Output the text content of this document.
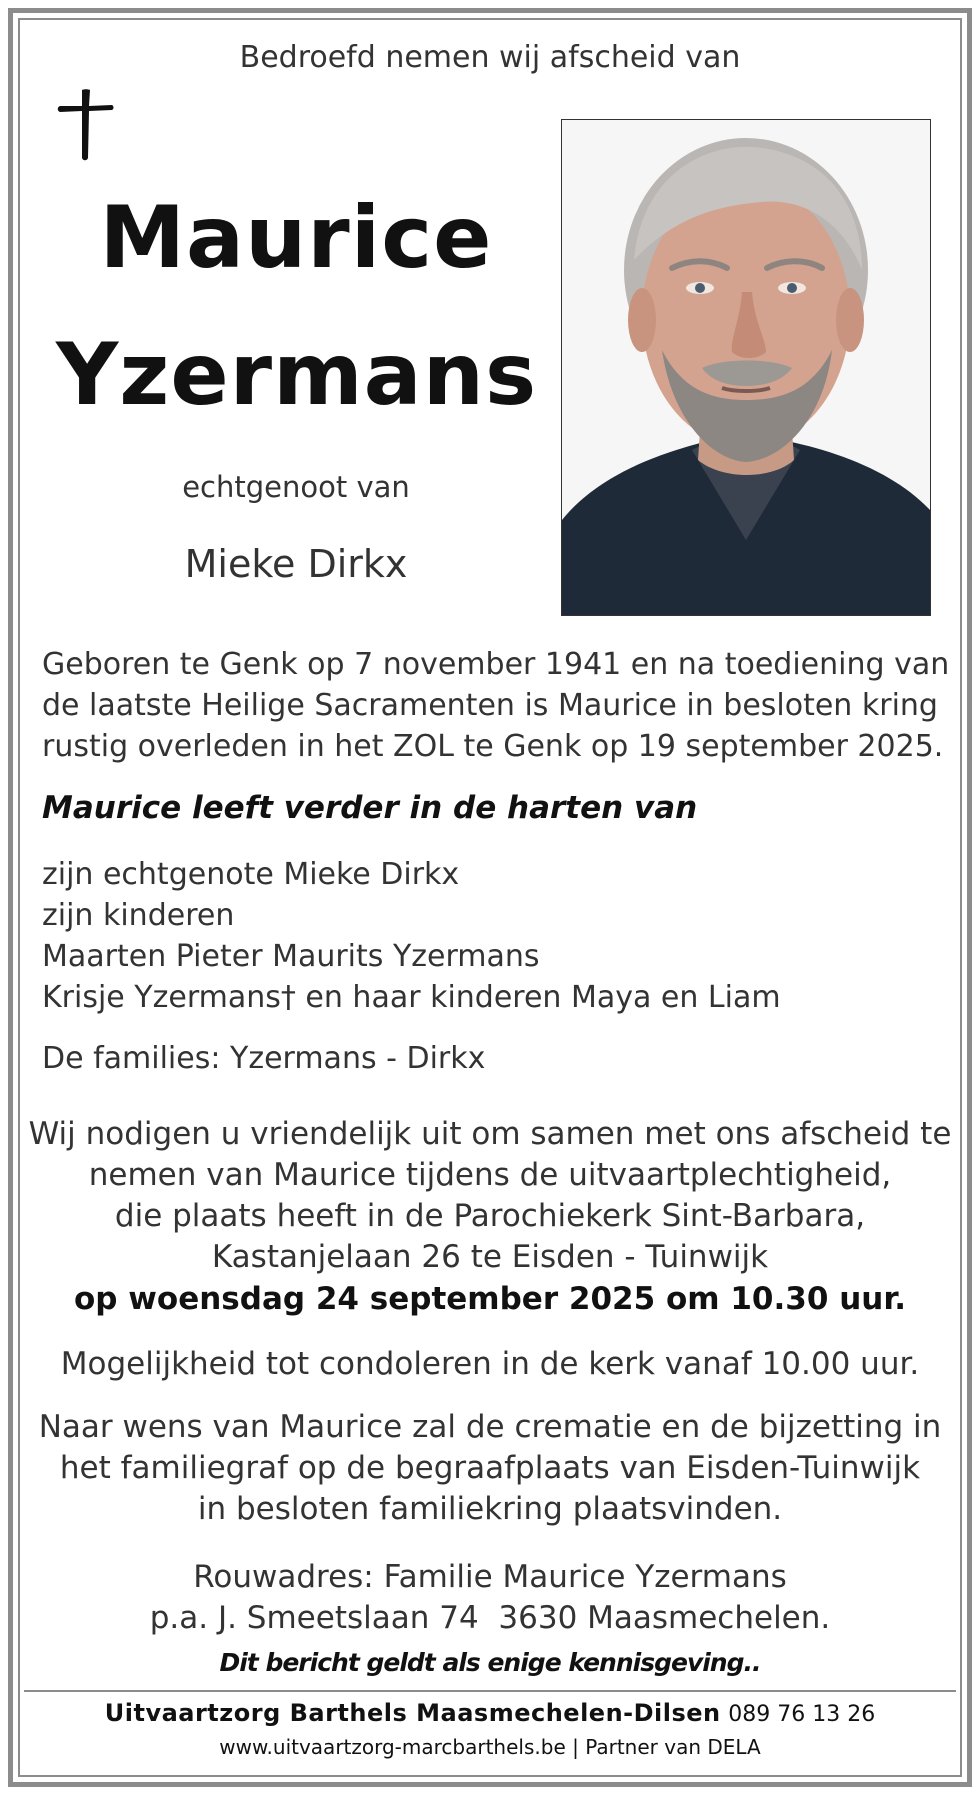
Bedroefd nemen wij afscheid van
Maurice
Yzermans
echtgenoot van
Mieke Dirkx
Geboren te Genk op 7 november 1941 en na toediening van
de laatste Heilige Sacramenten is Maurice in besloten kring
rustig overleden in het ZOL te Genk op 19 september 2025.
Maurice leeft verder in de harten van
zijn echtgenote Mieke Dirkx
zijn kinderen
Maarten Pieter Maurits Yzermans
Krisje Yzermans† en haar kinderen Maya en Liam
De families: Yzermans - Dirkx
Wij nodigen u vriendelijk uit om samen met ons afscheid te
nemen van Maurice tijdens de uitvaartplechtigheid,
die plaats heeft in de Parochiekerk Sint-Barbara,
Kastanjelaan 26 te Eisden - Tuinwijk
op woensdag 24 september 2025 om 10.30 uur.
Mogelijkheid tot condoleren in de kerk vanaf 10.00 uur.
Naar wens van Maurice zal de crematie en de bijzetting in
het familiegraf op de begraafplaats van Eisden-Tuinwijk
in besloten familiekring plaatsvinden.
Rouwadres: Familie Maurice Yzermans
p.a. J. Smeetslaan 74  3630 Maasmechelen.
Dit bericht geldt als enige kennisgeving..
Uitvaartzorg Barthels Maasmechelen-Dilsen 089 76 13 26
www.uitvaartzorg-marcbarthels.be | Partner van DELA
